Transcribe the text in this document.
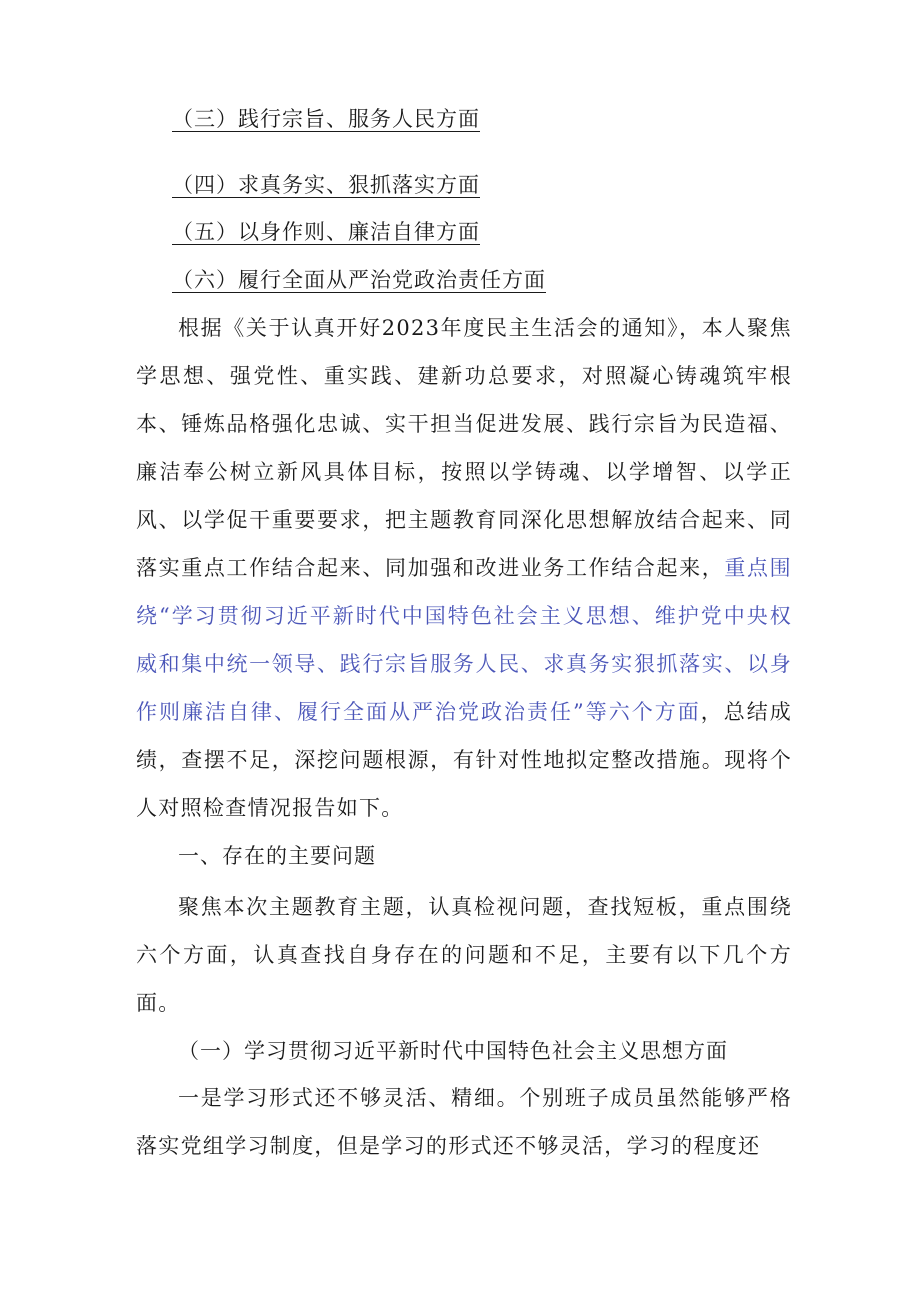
（三）践行宗旨、服务人民方面
（四）求真务实、狠抓落实方面
（五）以身作则、廉洁自律方面
（六）履行全面从严治党政治责任方面

根据《关于认真开好2023年度民主生活会的通知》，本人聚焦学思想、强党性、重实践、建新功总要求，对照凝心铸魂筑牢根本、锤炼品格强化忠诚、实干担当促进发展、践行宗旨为民造福、廉洁奉公树立新风具体目标，按照以学铸魂、以学增智、以学正风、以学促干重要要求，把主题教育同深化思想解放结合起来、同落实重点工作结合起来、同加强和改进业务工作结合起来，重点围绕“学习贯彻习近平新时代中国特色社会主义思想、维护党中央权威和集中统一领导、践行宗旨服务人民、求真务实狠抓落实、以身作则廉洁自律、履行全面从严治党政治责任”等六个方面，总结成绩，查摆不足，深挖问题根源，有针对性地拟定整改措施。现将个人对照检查情况报告如下。

一、存在的主要问题

聚焦本次主题教育主题，认真检视问题，查找短板，重点围绕六个方面，认真查找自身存在的问题和不足，主要有以下几个方面。

（一）学习贯彻习近平新时代中国特色社会主义思想方面

一是学习形式还不够灵活、精细。个别班子成员虽然能够严格落实党组学习制度，但是学习的形式还不够灵活，学习的程度还
